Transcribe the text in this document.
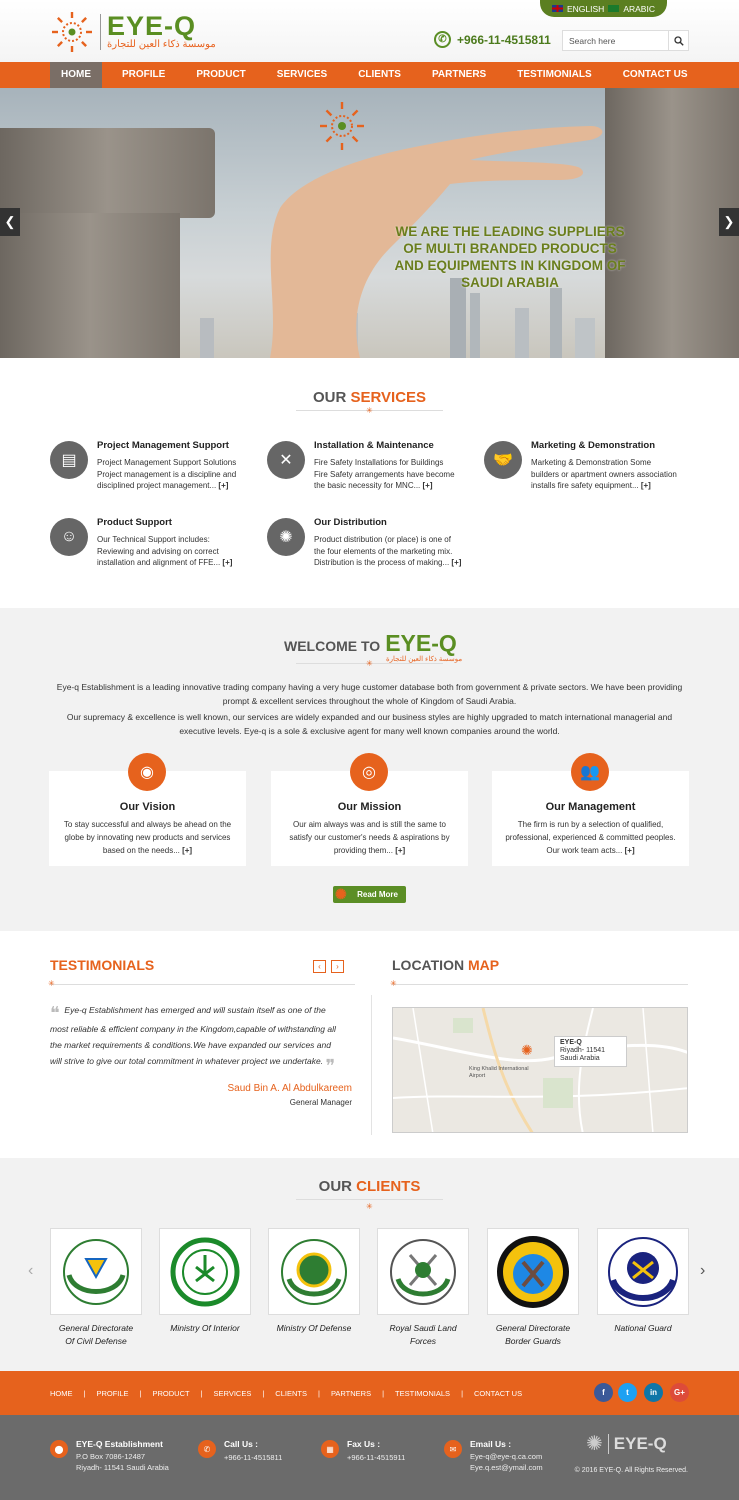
EYE-Q
موسسة ذكاء العين للتجارة
ENGLISH ARABIC
✆ +966-11-4515811	Search here
HOME	PROFILE	PRODUCT	SERVICES	CLIENTS	PARTNERS	TESTIMONIALS	CONTACT US
WE ARE THE LEADING SUPPLIERS
OF MULTI BRANDED PRODUCTS
AND EQUIPMENTS IN KINGDOM OF
SAUDI ARABIA
❮	❯
OUR SERVICES
✳
▤
Project Management Support
Project Management Support Solutions
Project management is a discipline and
disciplined project management... [+]
✕
Installation & Maintenance
Fire Safety Installations for Buildings
Fire Safety arrangements have become
the basic necessity for MNC... [+]
🤝
Marketing & Demonstration
Marketing & Demonstration Some
builders or apartment owners association
installs fire safety equipment... [+]
☺
Product Support
Our Technical Support includes:
Reviewing and advising on correct
installation and alignment of FFE... [+]
✺
Our Distribution
Product distribution (or place) is one of
the four elements of the marketing mix.
Distribution is the process of making... [+]
WELCOME TO EYE-Q
موسسة ذكاء العين للتجارة
✳
Eye-q Establishment is a leading innovative trading company having a very huge customer database both from government & private sectors. We have been providing
prompt & excellent services throughout the whole of Kingdom of Saudi Arabia.
Our supremacy & excellence is well known, our services are widely expanded and our business styles are highly upgraded to match international managerial and
executive levels. Eye-q is a sole & exclusive agent for many well known companies around the world.
◉
Our Vision
To stay successful and always be ahead on the
globe by innovating new products and services
based on the needs... [+]
◎
Our Mission
Our aim always was and is still the same to
satisfy our customer's needs & aspirations by
providing them... [+]
👥
Our Management
The firm is run by a selection of qualified,
professional, experienced & committed peoples.
Our work team acts... [+]
✺ Read More
TESTIMONIALS	‹	›
✳
❝ Eye-q Establishment has emerged and will sustain itself as one of the
most reliable & efficient company in the Kingdom,capable of withstanding all
the market requirements & conditions.We have expanded our services and
will strive to give our total commitment in whatever project we undertake. ❞
Saud Bin A. Al Abdulkareem
General Manager
LOCATION MAP
✳
✺	EYE-Q
Riyadh- 11541
Saudi Arabia
King Khalid International Airport
OUR CLIENTS
✳
‹	›
General Directorate
Of Civil Defense
Ministry Of Interior	Ministry Of Defense	Royal Saudi Land
Forces
General Directorate
Border Guards
National Guard
HOME	|	PROFILE	|	PRODUCT	|	SERVICES	|	CLIENTS	|	PARTNERS	|	TESTIMONIALS	|	CONTACT US	f	t	in	G+
⬤	EYE-Q Establishment
P.O Box 7086-12487
Riyadh- 11541 Saudi Arabia
✆	Call Us :
+966-11-4515811
▦	Fax Us :
+966-11-4515911
✉	Email Us :
Eye-q@eye-q.ca.com
Eye.q.est@ymail.com
✺ EYE-Q
© 2016 EYE-Q. All Rights Reserved.
